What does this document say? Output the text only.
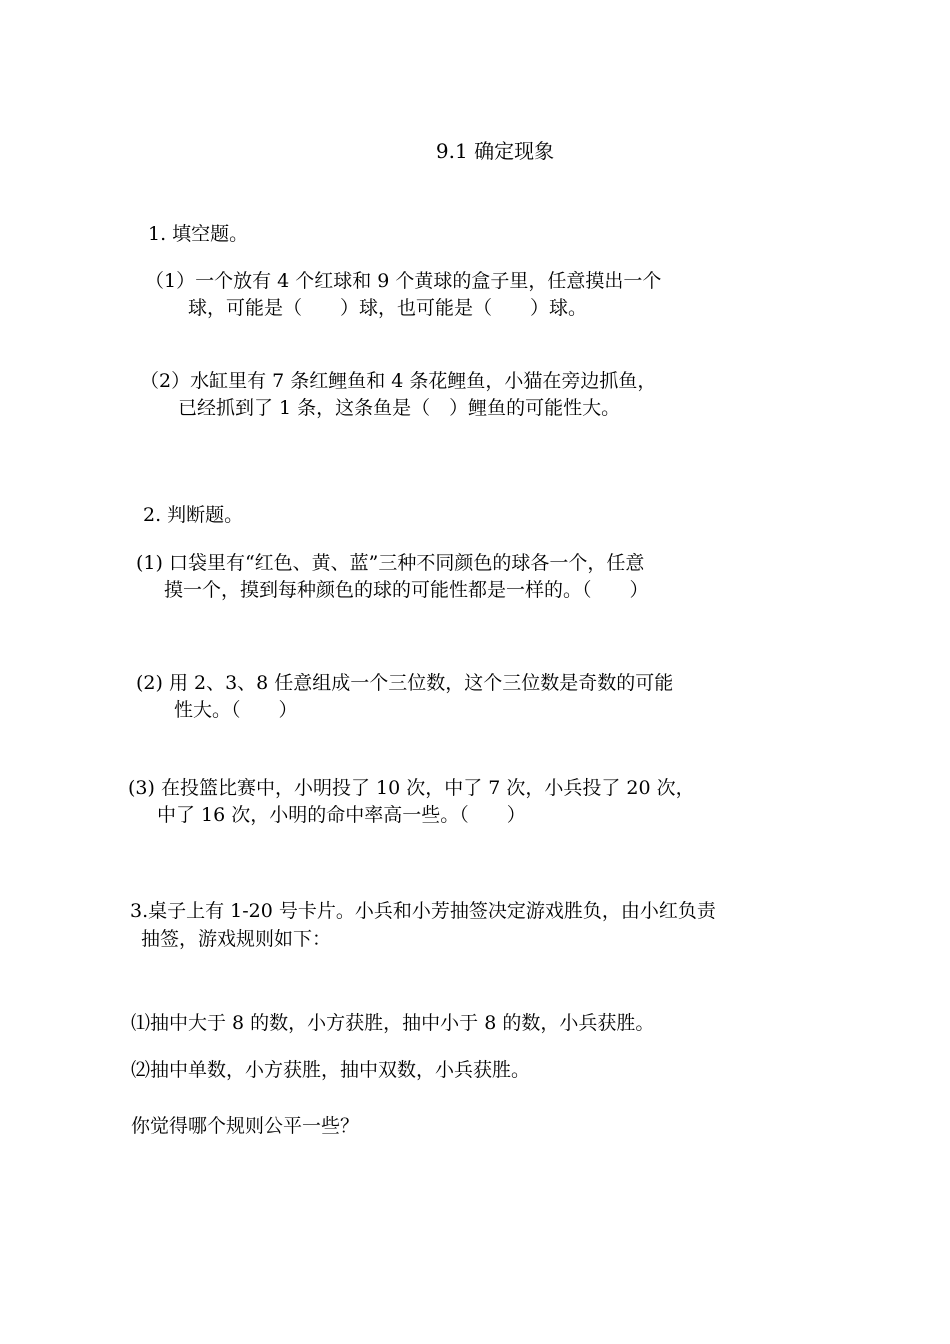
9.1 确定现象
1. 填空题。
（1）一个放有 4 个红球和 9 个黄球的盒子里，任意摸出一个
球，可能是（　　）球，也可能是（　　）球。
（2）水缸里有 7 条红鲤鱼和 4 条花鲤鱼，小猫在旁边抓鱼，
已经抓到了 1 条，这条鱼是（　）鲤鱼的可能性大。
2. 判断题。
(1) 口袋里有“红色、黄、蓝”三种不同颜色的球各一个，任意
摸一个，摸到每种颜色的球的可能性都是一样的。（　　）
(2) 用 2、3、8 任意组成一个三位数，这个三位数是奇数的可能
性大。（　　）
(3) 在投篮比赛中，小明投了 10 次，中了 7 次，小兵投了 20 次，
中了 16 次，小明的命中率高一些。（　　）
3.桌子上有 1-20 号卡片。小兵和小芳抽签决定游戏胜负，由小红负责
抽签，游戏规则如下：
⑴抽中大于 8 的数，小方获胜，抽中小于 8 的数，小兵获胜。
⑵抽中单数，小方获胜，抽中双数，小兵获胜。
你觉得哪个规则公平一些？
